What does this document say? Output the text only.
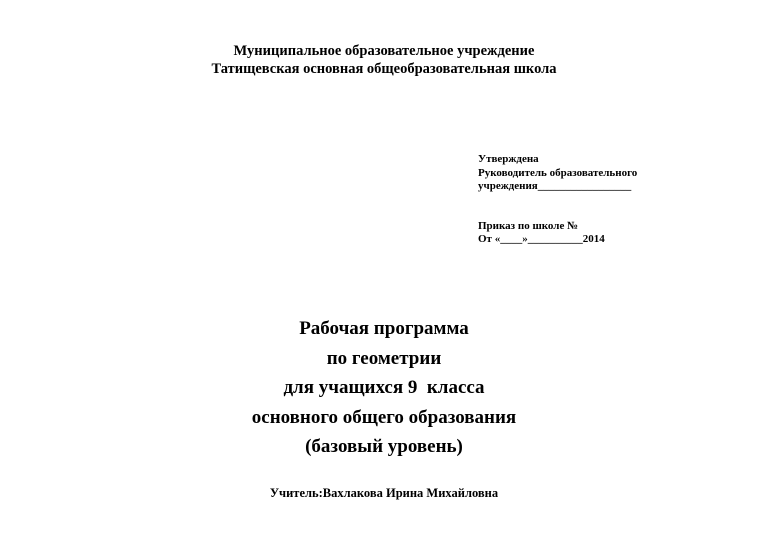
Муниципальное образовательное учреждение
Татищевская основная общеобразовательная школа
Утверждена
Руководитель образовательного
учреждения_________________
Приказ по школе №
От «____»__________2014
Рабочая программа
по геометрии
для учащихся 9  класса
основного общего образования
(базовый уровень)
Учитель:Вахлакова Ирина Михайловна
